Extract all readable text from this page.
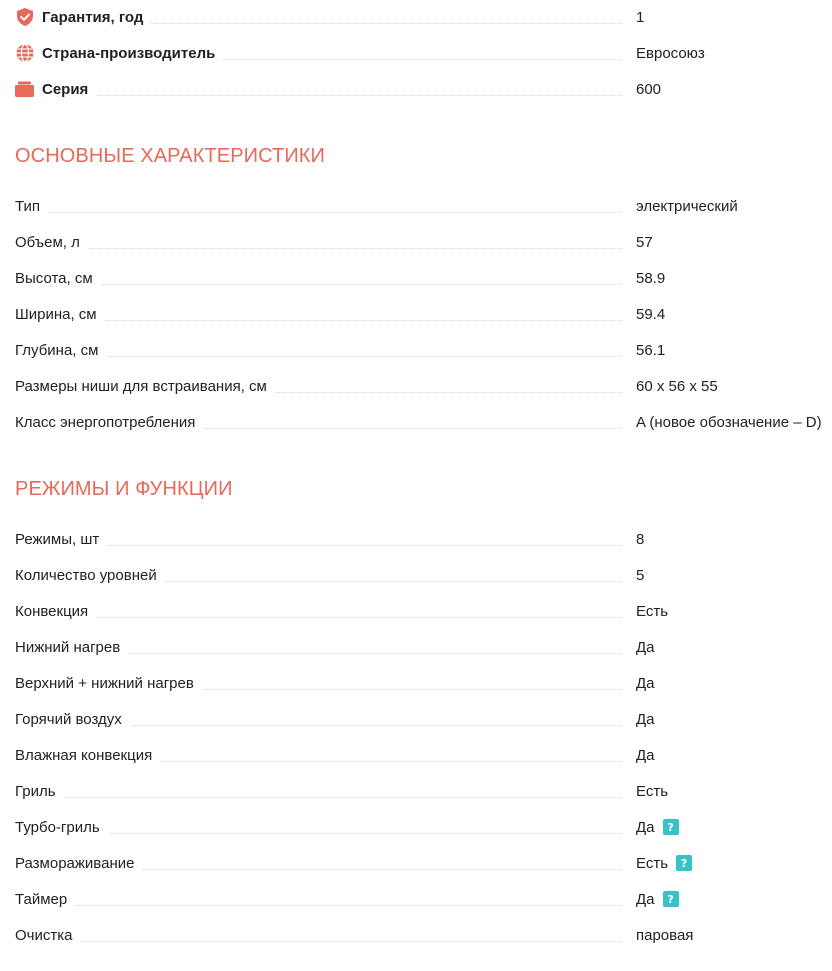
Гарантия, год	1
Страна-производитель	Евросоюз
Серия	600
ОСНОВНЫЕ ХАРАКТЕРИСТИКИ
Тип	электрический
Объем, л	57
Высота, см	58.9
Ширина, см	59.4
Глубина, см	56.1
Размеры ниши для встраивания, см	60 х 56 х 55
Класс энергопотребления	A (новое обозначение – D)
РЕЖИМЫ И ФУНКЦИИ
Режимы, шт	8
Количество уровней	5
Конвекция	Есть
Нижний нагрев	Да
Верхний + нижний нагрев	Да
Горячий воздух	Да
Влажная конвекция	Да
Гриль	Есть
Турбо-гриль	Да	?
Размораживание	Есть	?
Таймер	Да	?
Очистка	паровая
